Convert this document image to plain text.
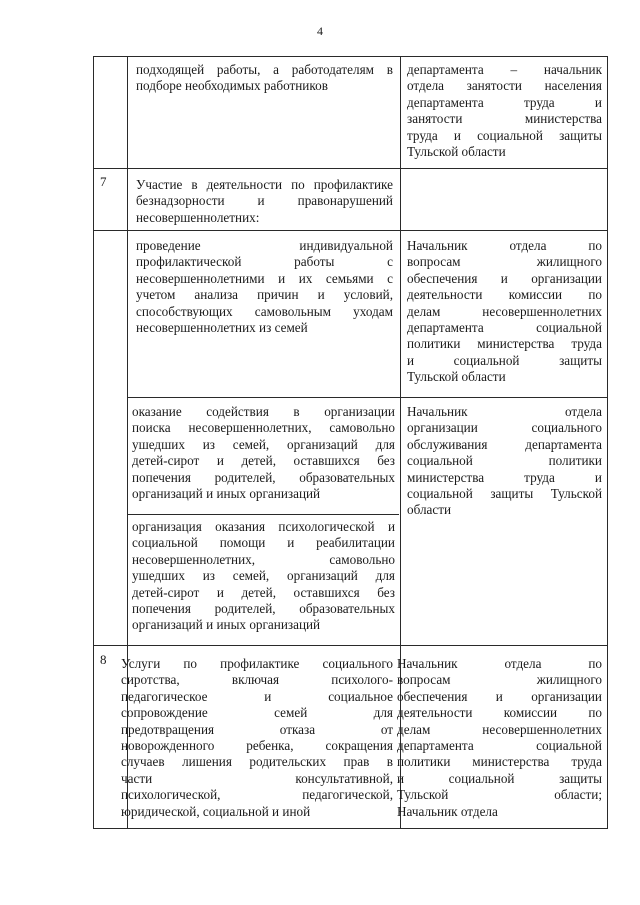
4
7
8
подходящей работы, а работодателям в
подборе необходимых работников
департамента – начальник
отдела занятости населения
департамента труда и
занятости министерства
труда и социальной защиты
Тульской области
Участие в деятельности по профилактике
безнадзорности и правонарушений
несовершеннолетних:
проведение индивидуальной
профилактической работы с
несовершеннолетними и их семьями с
учетом анализа причин и условий,
способствующих самовольным уходам
несовершеннолетних из семей
Начальник отдела по
вопросам жилищного
обеспечения и организации
деятельности комиссии по
делам несовершеннолетних
департамента социальной
политики министерства труда
и социальной защиты
Тульской области
оказание содействия в организации
поиска несовершеннолетних, самовольно
ушедших из семей, организаций для
детей-сирот и детей, оставшихся без
попечения родителей, образовательных
организаций и иных организаций
Начальник отдела
организации социального
обслуживания департамента
социальной политики
министерства труда и
социальной защиты Тульской
области
организация оказания психологической и
социальной помощи и реабилитации
несовершеннолетних, самовольно
ушедших из семей, организаций для
детей-сирот и детей, оставшихся без
попечения родителей, образовательных
организаций и иных организаций
Услуги по профилактике социального
сиротства, включая психолого-
педагогическое и социальное
сопровождение семей для
предотвращения отказа от
новорожденного ребенка, сокращения
случаев лишения родительских прав в
части консультативной,
психологической, педагогической,
юридической, социальной и иной
Начальник отдела по
вопросам жилищного
обеспечения и организации
деятельности комиссии по
делам несовершеннолетних
департамента социальной
политики министерства труда
и социальной защиты
Тульской области;
Начальник отдела
